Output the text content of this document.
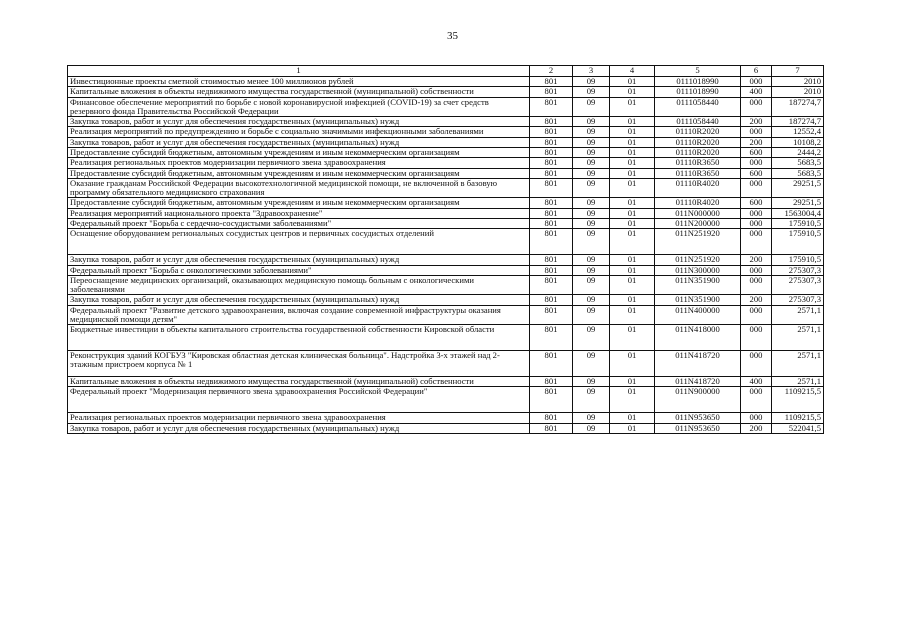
35
1	2	3	4	5	6	7
Инвестиционные проекты сметной стоимостью менее 100 миллионов рублей	801	09	01	0111018990	000	2010
Капитальные вложения в объекты недвижимого имущества государственной (муниципальной) собственности	801	09	01	0111018990	400	2010
Финансовое обеспечение мероприятий по борьбе с новой коронавирусной инфекцией (COVID-19) за счет средств резервного фонда Правительства Российской Федерации	801	09	01	0111058440	000	187274,7
Закупка товаров, работ и услуг для обеспечения государственных (муниципальных) нужд	801	09	01	0111058440	200	187274,7
Реализация мероприятий по предупреждению и борьбе с социально значимыми инфекционными заболеваниями	801	09	01	01110R2020	000	12552,4
Закупка товаров, работ и услуг для обеспечения государственных (муниципальных) нужд	801	09	01	01110R2020	200	10108,2
Предоставление субсидий бюджетным, автономным учреждениям и иным некоммерческим организациям	801	09	01	01110R2020	600	2444,2
Реализация региональных проектов модернизации первичного звена здравоохранения	801	09	01	01110R3650	000	5683,5
Предоставление субсидий бюджетным, автономным учреждениям и иным некоммерческим организациям	801	09	01	01110R3650	600	5683,5
Оказание гражданам Российской Федерации высокотехнологичной медицинской помощи, не включенной в базовую программу обязательного медицинского страхования	801	09	01	01110R4020	000	29251,5
Предоставление субсидий бюджетным, автономным учреждениям и иным некоммерческим организациям	801	09	01	01110R4020	600	29251,5
Реализация мероприятий национального проекта "Здравоохранение"	801	09	01	011N000000	000	1563004,4
Федеральный проект "Борьба с сердечно-сосудистыми заболеваниями"	801	09	01	011N200000	000	175910,5
Оснащение оборудованием региональных сосудистых центров и первичных сосудистых отделений	801	09	01	011N251920	000	175910,5
Закупка товаров, работ и услуг для обеспечения государственных (муниципальных) нужд	801	09	01	011N251920	200	175910,5
Федеральный проект "Борьба с онкологическими заболеваниями"	801	09	01	011N300000	000	275307,3
Переоснащение медицинских организаций, оказывающих медицинскую помощь больным с онкологическими заболеваниями	801	09	01	011N351900	000	275307,3
Закупка товаров, работ и услуг для обеспечения государственных (муниципальных) нужд	801	09	01	011N351900	200	275307,3
Федеральный проект "Развитие детского здравоохранения, включая создание современной инфраструктуры оказания медицинской помощи детям"	801	09	01	011N400000	000	2571,1
Бюджетные инвестиции в объекты капитального строительства государственной собственности Кировской области	801	09	01	011N418000	000	2571,1
Реконструкция зданий КОГБУЗ "Кировская областная детская клиническая больница". Надстройка 3-х этажей над 2-этажным пристроем корпуса № 1	801	09	01	011N418720	000	2571,1
Капитальные вложения в объекты недвижимого имущества государственной (муниципальной) собственности	801	09	01	011N418720	400	2571,1
Федеральный проект "Модернизация первичного звена здравоохранения Российской Федерации"	801	09	01	011N900000	000	1109215,5
Реализация региональных проектов модернизации первичного звена здравоохранения	801	09	01	011N953650	000	1109215,5
Закупка товаров, работ и услуг для обеспечения государственных (муниципальных) нужд	801	09	01	011N953650	200	522041,5
